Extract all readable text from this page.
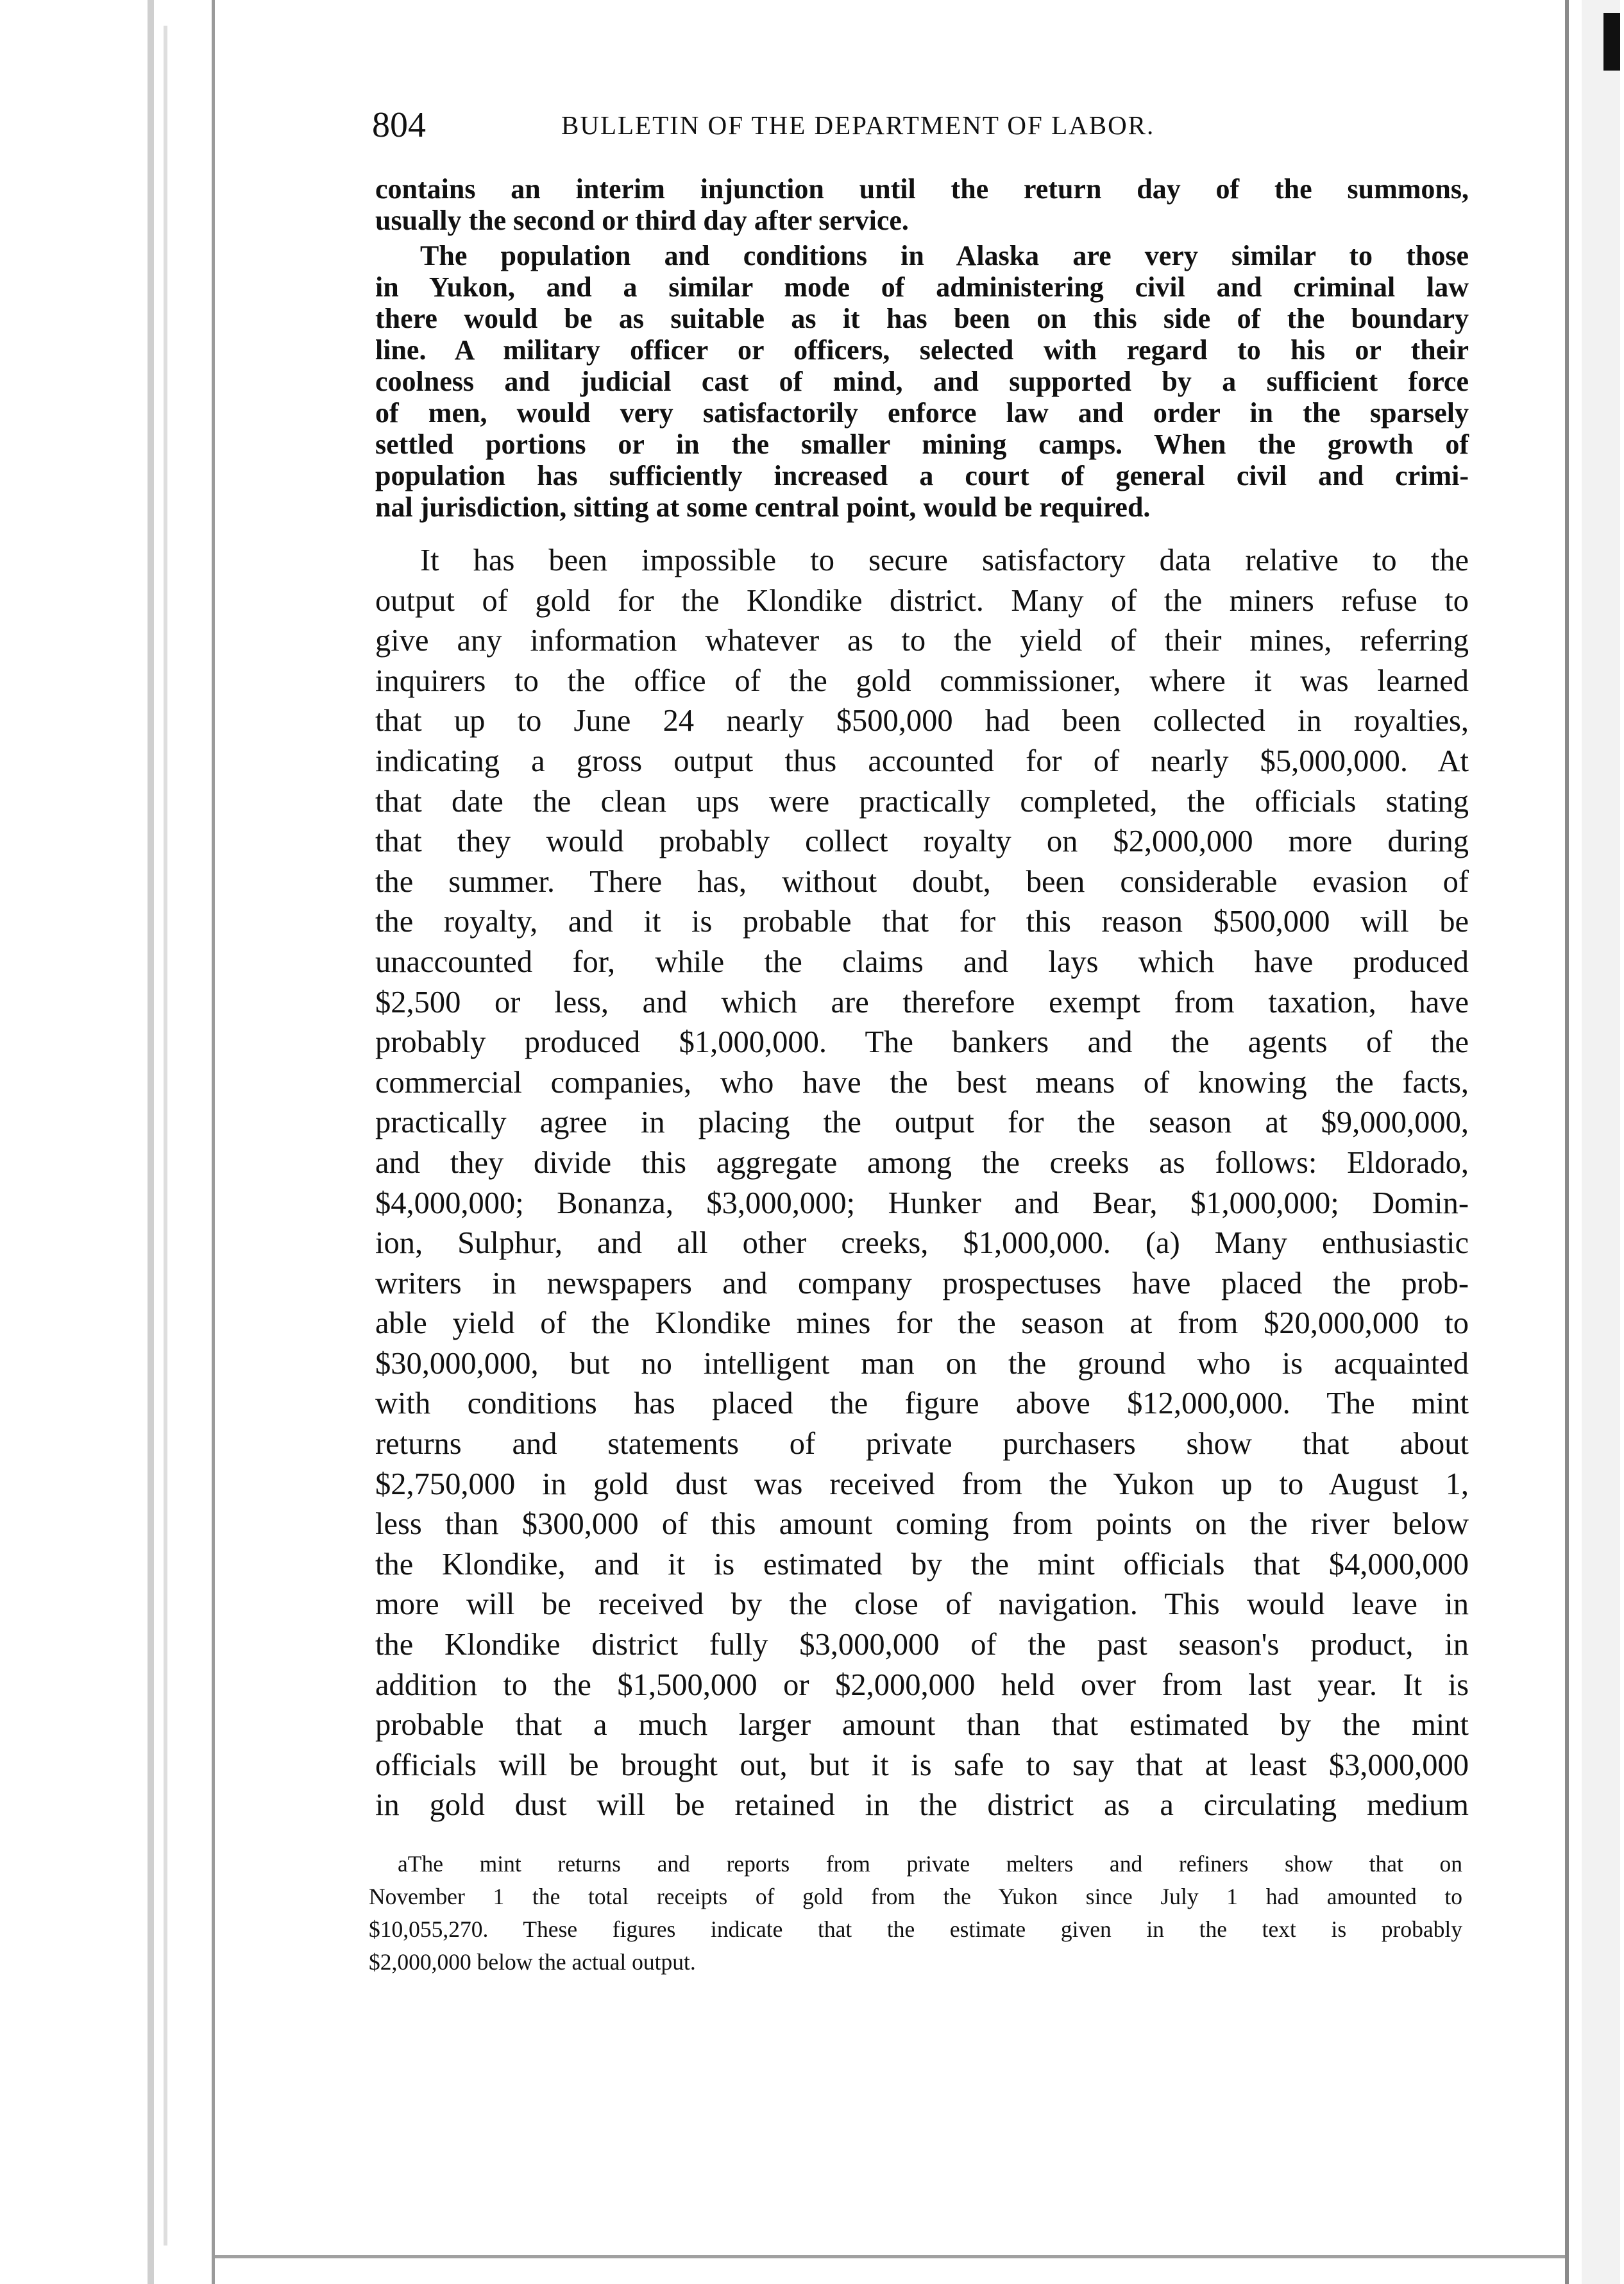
804	BULLETIN OF THE DEPARTMENT OF LABOR.
contains an interim injunction until the return day of the summons,
usually the second or third day after service.
The population and conditions in Alaska are very similar to those
in Yukon, and a similar mode of administering civil and criminal law
there would be as suitable as it has been on this side of the boundary
line. A military officer or officers, selected with regard to his or their
coolness and judicial cast of mind, and supported by a sufficient force
of men, would very satisfactorily enforce law and order in the sparsely
settled portions or in the smaller mining camps. When the growth of
population has sufficiently increased a court of general civil and crimi-
nal jurisdiction, sitting at some central point, would be required.
It has been impossible to secure satisfactory data relative to the
output of gold for the Klondike district. Many of the miners refuse to
give any information whatever as to the yield of their mines, referring
inquirers to the office of the gold commissioner, where it was learned
that up to June 24 nearly $500,000 had been collected in royalties,
indicating a gross output thus accounted for of nearly $5,000,000. At
that date the clean ups were practically completed, the officials stating
that they would probably collect royalty on $2,000,000 more during
the summer. There has, without doubt, been considerable evasion of
the royalty, and it is probable that for this reason $500,000 will be
unaccounted for, while the claims and lays which have produced
$2,500 or less, and which are therefore exempt from taxation, have
probably produced $1,000,000. The bankers and the agents of the
commercial companies, who have the best means of knowing the facts,
practically agree in placing the output for the season at $9,000,000,
and they divide this aggregate among the creeks as follows: Eldorado,
$4,000,000; Bonanza, $3,000,000; Hunker and Bear, $1,000,000; Domin-
ion, Sulphur, and all other creeks, $1,000,000. (a) Many enthusiastic
writers in newspapers and company prospectuses have placed the prob-
able yield of the Klondike mines for the season at from $20,000,000 to
$30,000,000, but no intelligent man on the ground who is acquainted
with conditions has placed the figure above $12,000,000. The mint
returns and statements of private purchasers show that about
$2,750,000 in gold dust was received from the Yukon up to August 1,
less than $300,000 of this amount coming from points on the river below
the Klondike, and it is estimated by the mint officials that $4,000,000
more will be received by the close of navigation. This would leave in
the Klondike district fully $3,000,000 of the past season's product, in
addition to the $1,500,000 or $2,000,000 held over from last year. It is
probable that a much larger amount than that estimated by the mint
officials will be brought out, but it is safe to say that at least $3,000,000
in gold dust will be retained in the district as a circulating medium
aThe mint returns and reports from private melters and refiners show that on
November 1 the total receipts of gold from the Yukon since July 1 had amounted to
$10,055,270. These figures indicate that the estimate given in the text is probably
$2,000,000 below the actual output.
